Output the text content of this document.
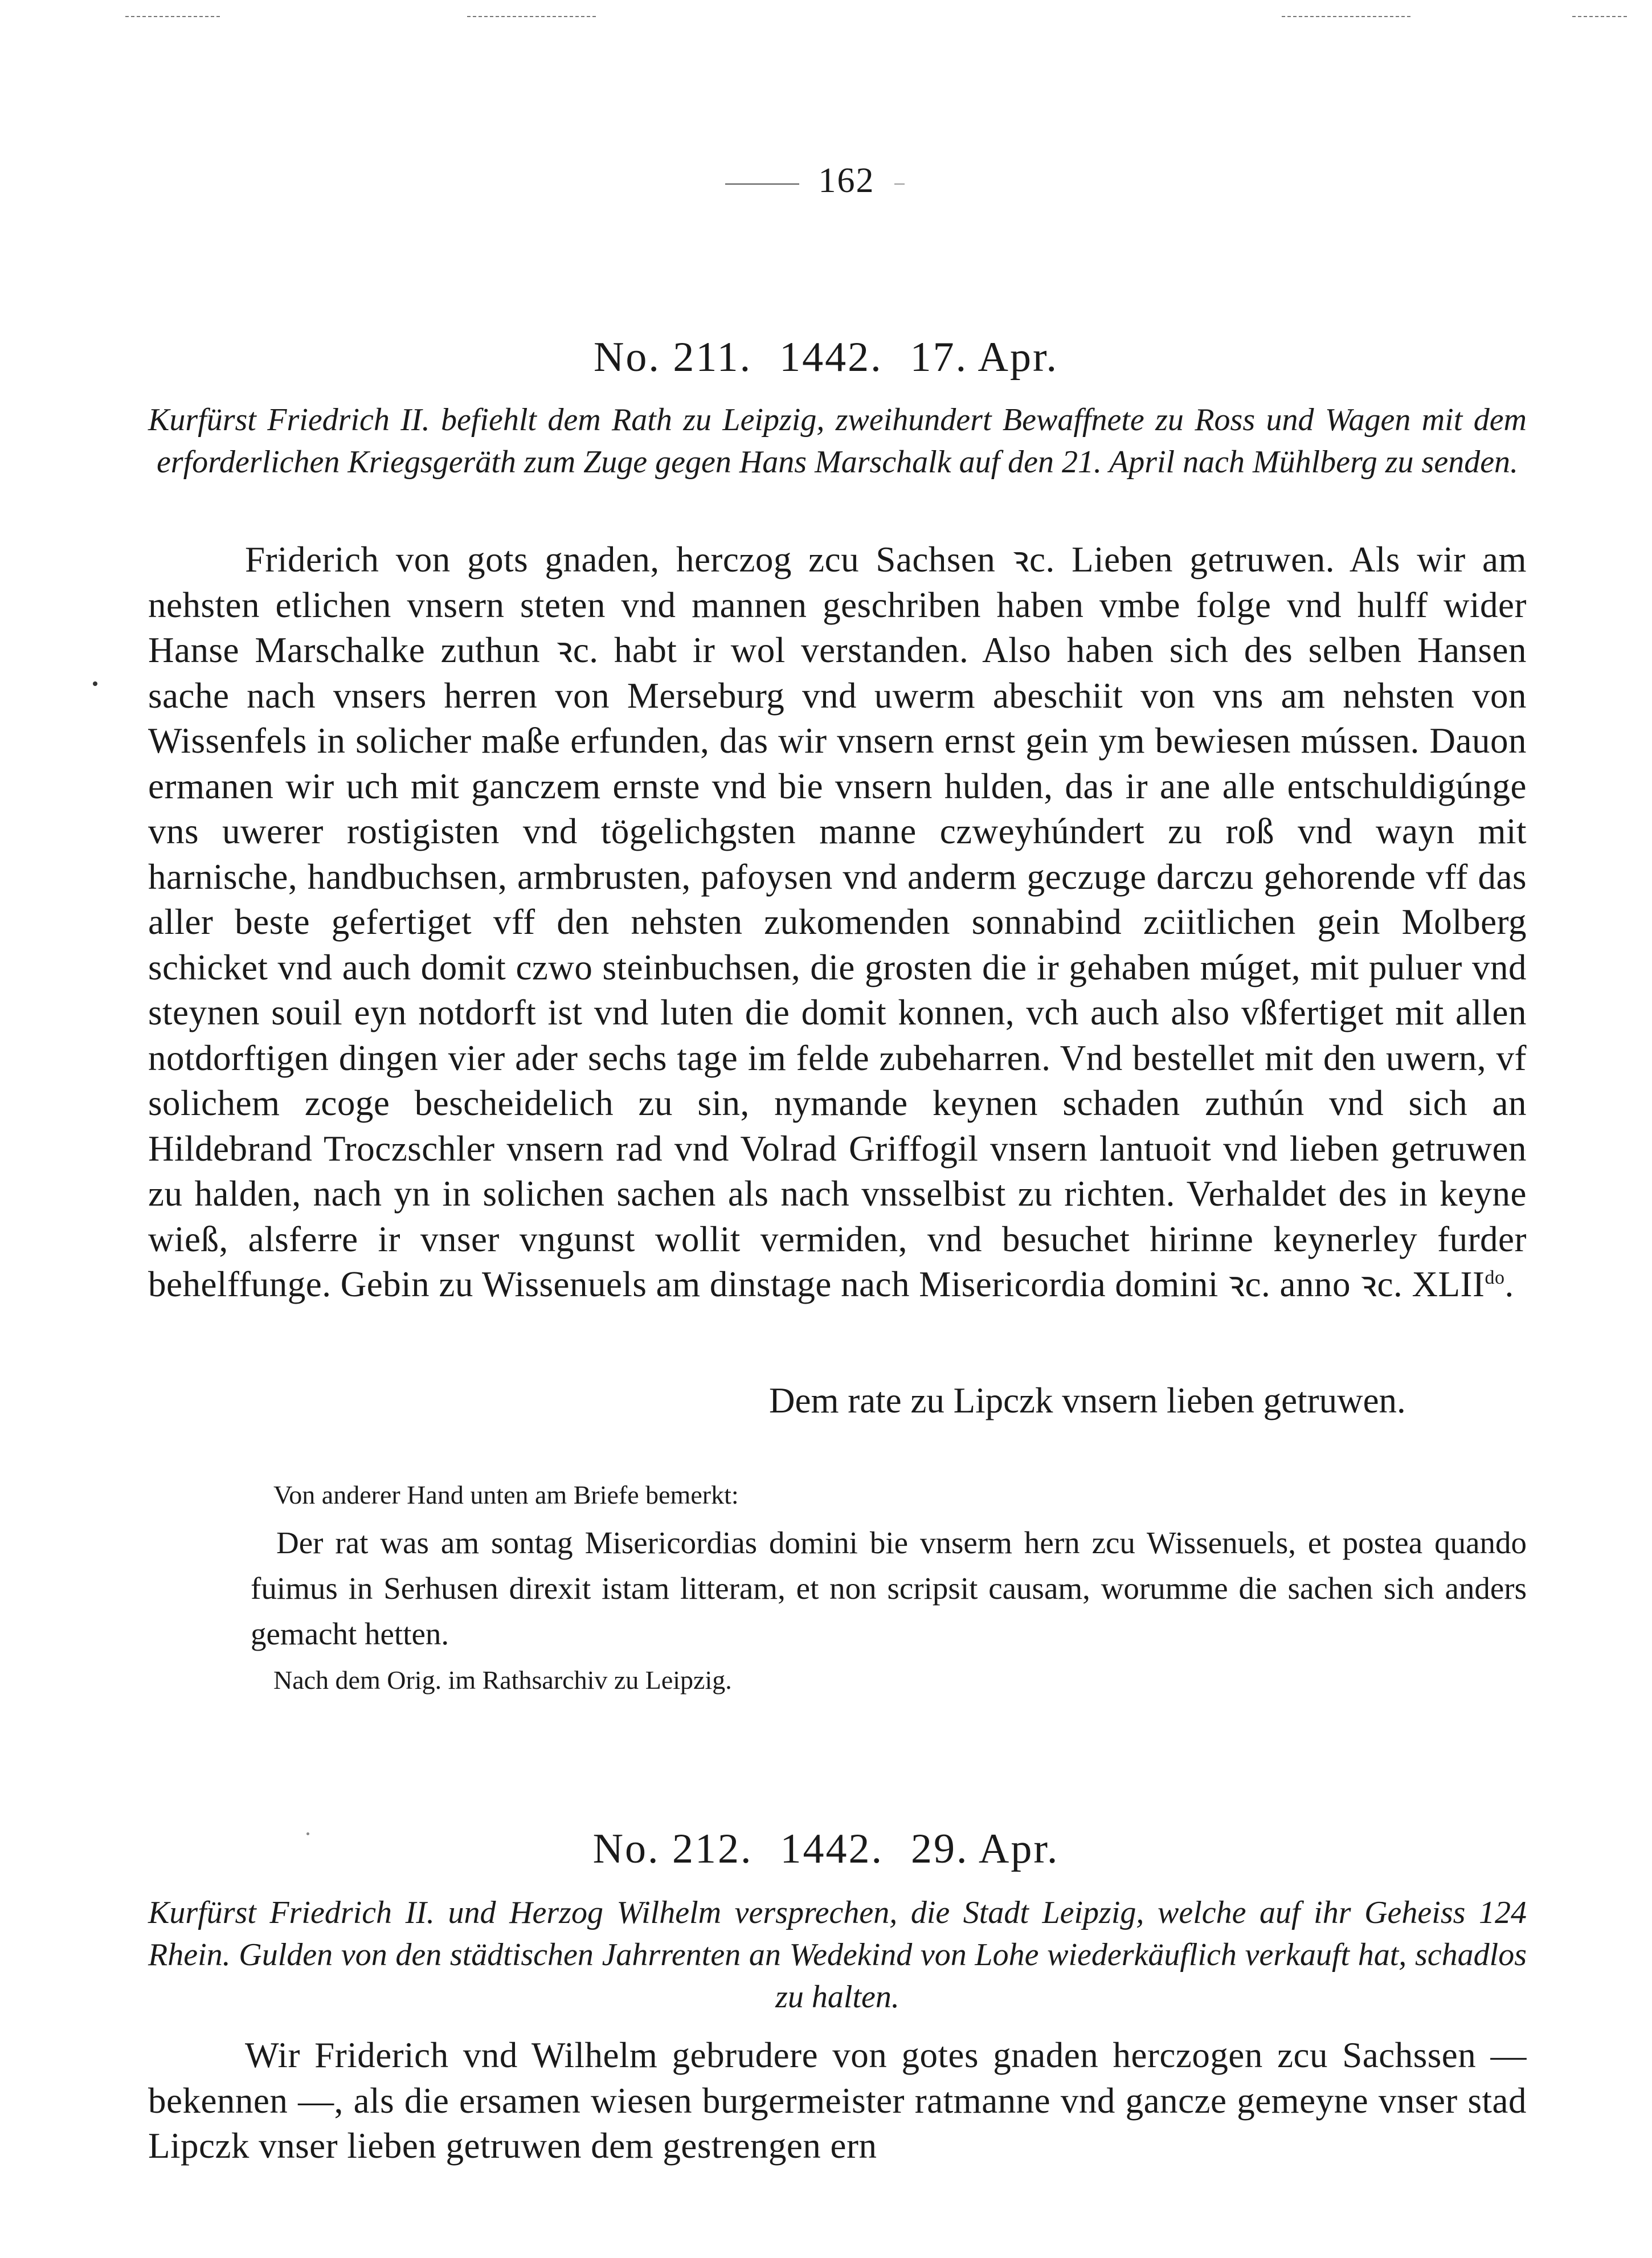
162
No. 211. 1442. 17. Apr.
Kurfürst Friedrich II. befiehlt dem Rath zu Leipzig, zweihundert Bewaffnete zu Ross und Wagen mit dem erforderlichen Kriegsgeräth zum Zuge gegen Hans Marschalk auf den 21. April nach Mühlberg zu senden.
Friderich von gots gnaden, herczog zcu Sachsen ꝛc. Lieben getruwen. Als wir am nehsten etlichen vnsern steten vnd mannen geschriben haben vmbe folge vnd hulff wider Hanse Marschalke zuthun ꝛc. habt ir wol verstanden. Also haben sich des selben Hansen sache nach vnsers herren von Merseburg vnd uwerm abeschiit von vns am nehsten von Wissenfels in solicher maße erfunden, das wir vnsern ernst gein ym bewiesen mússen. Dauon ermanen wir uch mit ganczem ernste vnd bie vnsern hulden, das ir ane alle entschuldigúnge vns uwerer rostigisten vnd tögelichgsten manne czweyhúndert zu roß vnd wayn mit harnische, handbuchsen, armbrusten, pafoysen vnd anderm geczuge darczu gehorende vff das aller beste gefertiget vff den nehsten zukomenden sonnabind zciitlichen gein Molberg schicket vnd auch domit czwo steinbuchsen, die grosten die ir gehaben múget, mit puluer vnd steynen souil eyn notdorft ist vnd luten die domit konnen, vch auch also vßfertiget mit allen notdorftigen dingen vier ader sechs tage im felde zubeharren. Vnd bestellet mit den uwern, vf solichem zcoge bescheidelich zu sin, nymande keynen schaden zuthún vnd sich an Hildebrand Troczschler vnsern rad vnd Volrad Griffogil vnsern lantuoit vnd lieben getruwen zu halden, nach yn in solichen sachen als nach vnsselbist zu richten. Verhaldet des in keyne wieß, alsferre ir vnser vngunst wollit vermiden, vnd besuchet hirinne keynerley furder behelffunge. Gebin zu Wissenuels am dinstage nach Misericordia domini ꝛc. anno ꝛc. $XLII^{do}$.
Dem rate zu Lipczk vnsern lieben getruwen.
Von anderer Hand unten am Briefe bemerkt:
Der rat was am sontag Misericordias domini bie vnserm hern zcu Wissenuels, et postea quando fuimus in Serhusen direxit istam litteram, et non scripsit causam, worumme die sachen sich anders gemacht hetten.
Nach dem Orig. im Rathsarchiv zu Leipzig.
No. 212. 1442. 29. Apr.
Kurfürst Friedrich II. und Herzog Wilhelm versprechen, die Stadt Leipzig, welche auf ihr Geheiss 124 Rhein. Gulden von den städtischen Jahrrenten an Wedekind von Lohe wiederkäuflich verkauft hat, schadlos zu halten.
Wir Friderich vnd Wilhelm gebrudere von gotes gnaden herczogen zcu Sachssen — bekennen —, als die ersamen wiesen burgermeister ratmanne vnd gancze gemeyne vnser stad Lipczk vnser lieben getruwen dem gestrengen ern
